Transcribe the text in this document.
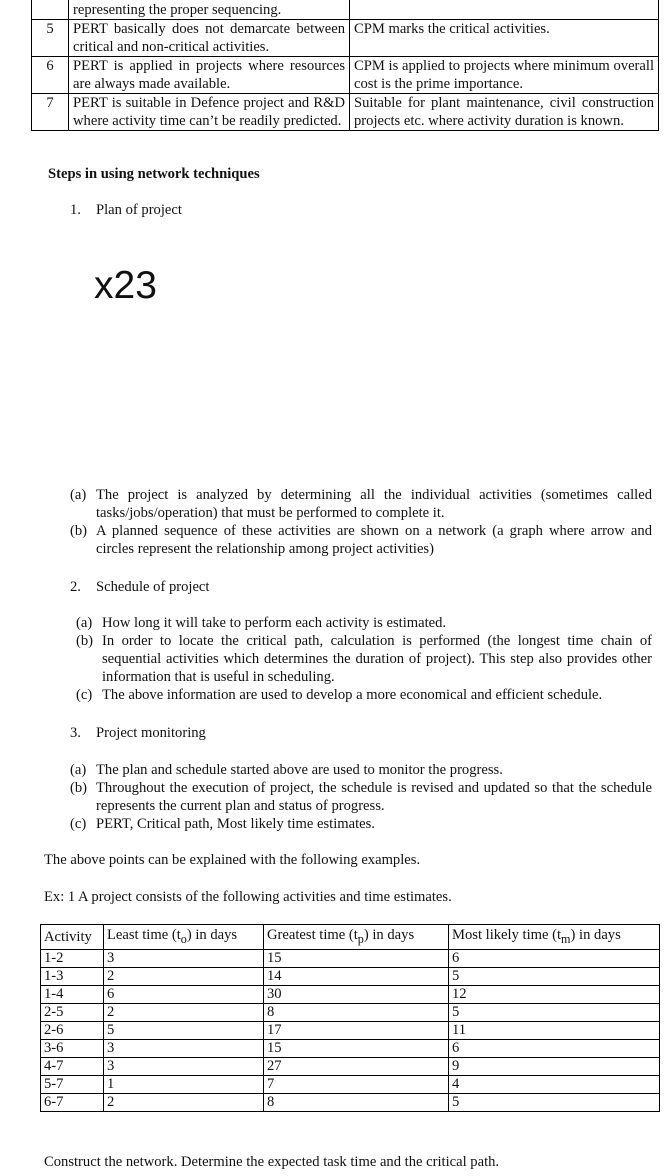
	representing the proper sequencing.	
5	PERT basically does not demarcate between critical and non-critical activities.	CPM marks the critical activities.
6	PERT is applied in projects where resources are always made available.	CPM is applied to projects where minimum overall cost is the prime importance.
7	PERT is suitable in Defence project and R&D where activity time can’t be readily predicted.	Suitable for plant maintenance, civil construction projects etc. where activity duration is known.
Steps in using network techniques
1. Plan of project
x23
(a) The project is analyzed by determining all the individual activities (sometimes called tasks/jobs/operation) that must be performed to complete it.
(b) A planned sequence of these activities are shown on a network (a graph where arrow and circles represent the relationship among project activities)
2. Schedule of project
(a) How long it will take to perform each activity is estimated.
(b) In order to locate the critical path, calculation is performed (the longest time chain of sequential activities which determines the duration of project). This step also provides other information that is useful in scheduling.
(c) The above information are used to develop a more economical and efficient schedule.
3. Project monitoring
(a) The plan and schedule started above are used to monitor the progress.
(b) Throughout the execution of project, the schedule is revised and updated so that the schedule represents the current plan and status of progress.
(c) PERT, Critical path, Most likely time estimates.
The above points can be explained with the following examples.
Ex: 1 A project consists of the following activities and time estimates.
Activity	Least time $(t_o)$ in days	Greatest time $(t_p)$ in days	Most likely time $(t_m)$ in days
1-2	3	15	6
1-3	2	14	5
1-4	6	30	12
2-5	2	8	5
2-6	5	17	11
3-6	3	15	6
4-7	3	27	9
5-7	1	7	4
6-7	2	8	5
Construct the network. Determine the expected task time and the critical path.
